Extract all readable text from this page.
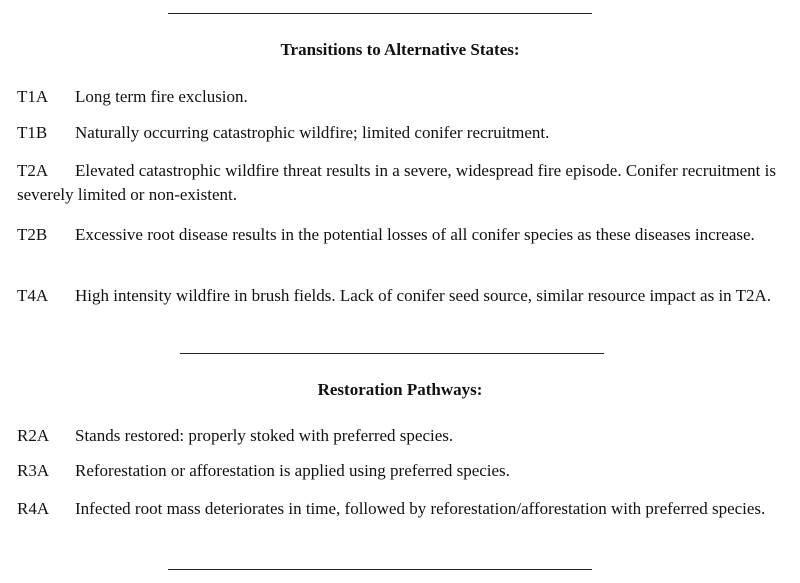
Transitions to Alternative States:
T1A Long term fire exclusion.
T1B Naturally occurring catastrophic wildfire; limited conifer recruitment.
T2A Elevated catastrophic wildfire threat results in a severe, widespread fire episode. Conifer recruitment is severely limited or non-existent.
T2B Excessive root disease results in the potential losses of all conifer species as these diseases increase.
T4A High intensity wildfire in brush fields. Lack of conifer seed source, similar resource impact as in T2A.
Restoration Pathways:
R2A Stands restored: properly stoked with preferred species.
R3A Reforestation or afforestation is applied using preferred species.
R4A Infected root mass deteriorates in time, followed by reforestation/afforestation with preferred species.
